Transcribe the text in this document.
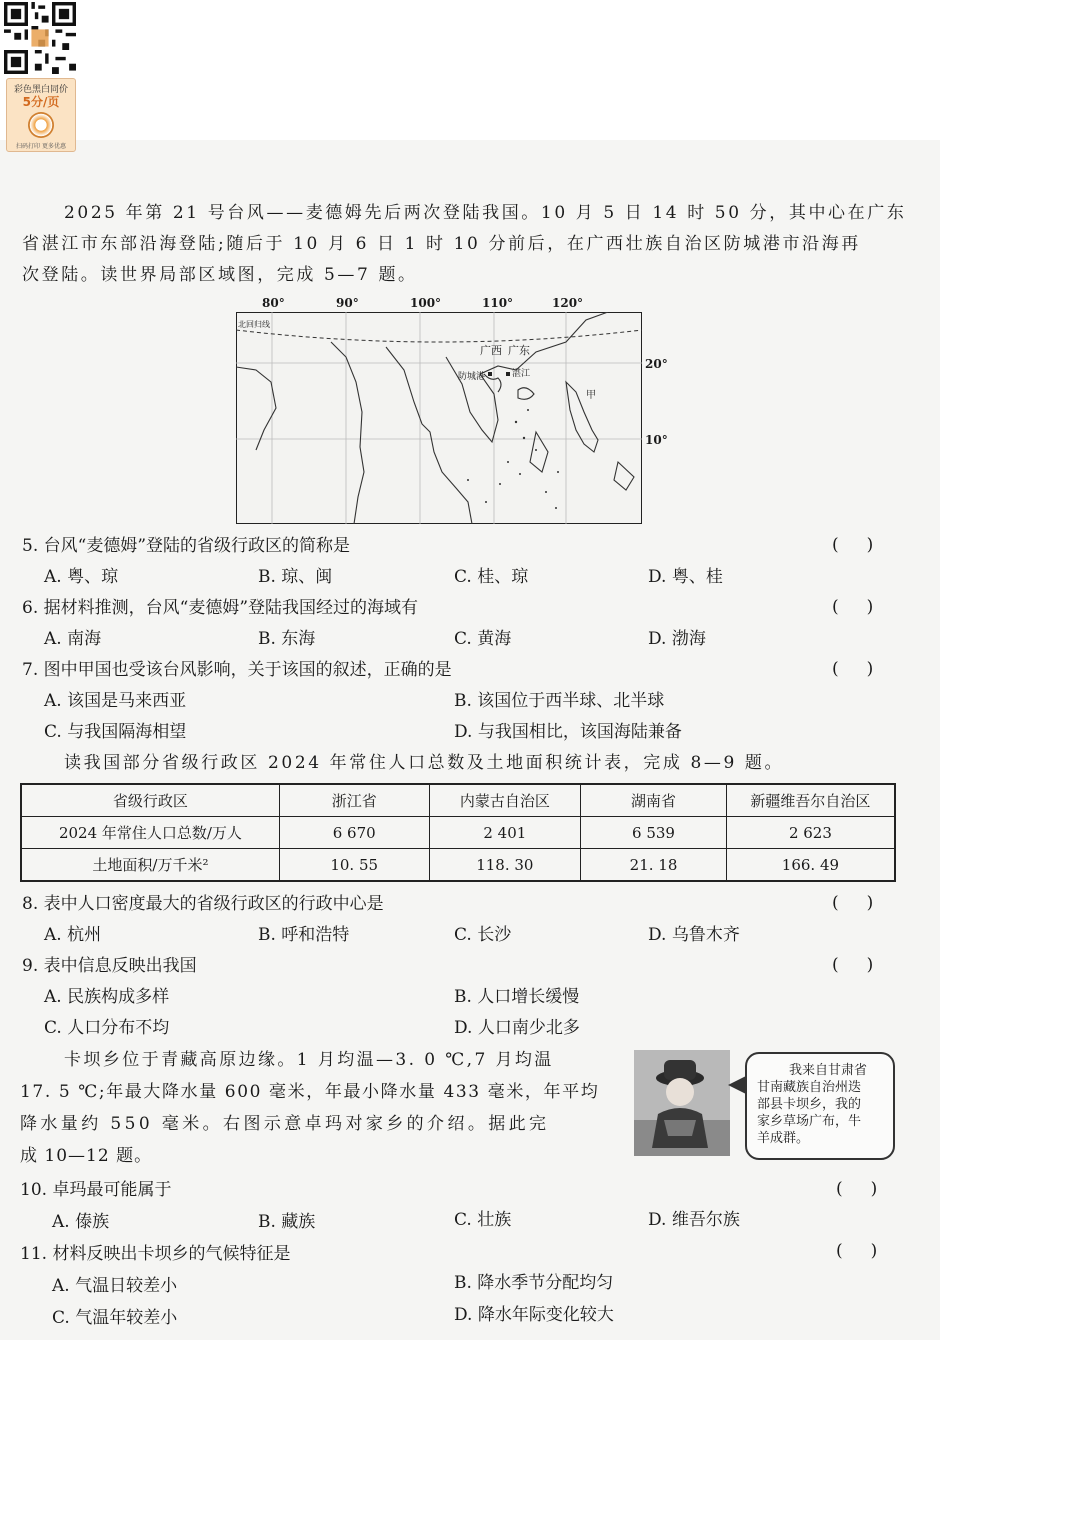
彩色黑白同价
5分/页
扫码打印 更多优惠
2025 年第 21 号台风——麦德姆先后两次登陆我国。10 月 5 日 14 时 50 分，其中心在广东
省湛江市东部沿海登陆;随后于 10 月 6 日 1 时 10 分前后，在广西壮族自治区防城港市沿海再
次登陆。读世界局部区域图，完成 5—7 题。
80°	90°	100°	110°	120°
20°
10°
北回归线
广西 广东
防城港	湛江
甲
5. 台风“麦德姆”登陆的省级行政区的简称是	()
A. 粤、琼	B. 琼、闽	C. 桂、琼	D. 粤、桂
6. 据材料推测，台风“麦德姆”登陆我国经过的海域有	()
A. 南海	B. 东海	C. 黄海	D. 渤海
7. 图中甲国也受该台风影响，关于该国的叙述，正确的是	()
A. 该国是马来西亚	B. 该国位于西半球、北半球
C. 与我国隔海相望	D. 与我国相比，该国海陆兼备
读我国部分省级行政区 2024 年常住人口总数及土地面积统计表，完成 8—9 题。
省级行政区	浙江省	内蒙古自治区	湖南省	新疆维吾尔自治区
2024 年常住人口总数/万人	6 670	2 401	6 539	2 623
土地面积/万千米²	10. 55	118. 30	21. 18	166. 49
8. 表中人口密度最大的省级行政区的行政中心是	()
A. 杭州	B. 呼和浩特	C. 长沙	D. 乌鲁木齐
9. 表中信息反映出我国	()
A. 民族构成多样	B. 人口增长缓慢
C. 人口分布不均	D. 人口南少北多
卡坝乡位于青藏高原边缘。1 月均温—3. 0 ℃,7 月均温
17. 5 ℃;年最大降水量 600 毫米，年最小降水量 433 毫米，年平均
降水量约 550 毫米。右图示意卓玛对家乡的介绍。据此完
成 10—12 题。
我来自甘肃省
甘南藏族自治州迭
部县卡坝乡，我的
家乡草场广布，牛
羊成群。
10. 卓玛最可能属于	()
A. 傣族	B. 藏族	C. 壮族	D. 维吾尔族
11. 材料反映出卡坝乡的气候特征是	()
A. 气温日较差小	B. 降水季节分配均匀
C. 气温年较差小	D. 降水年际变化较大
